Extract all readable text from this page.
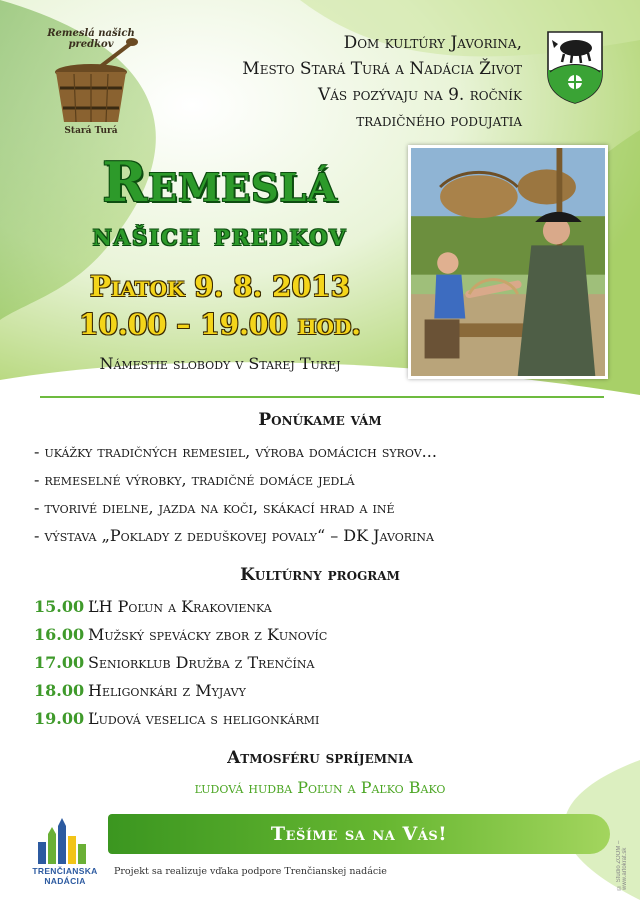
Remeslá našich predkov
Stará Turá
Dom kultúry Javorina,
Mesto Stará Turá a Nadácia Život
Vás pozývaju na 9. ročník
tradičného podujatia
Remeslá
našich predkov
Piatok 9. 8. 2013
10.00 – 19.00 hod.
Námestie slobody v Starej Turej
Ponúkame vám
- ukážky tradičných remesiel, výroba domácich syrov...
- remeselné výrobky, tradičné domáce jedlá
- tvorivé dielne, jazda na koči, skákací hrad a iné
- výstava „Poklady z deduškovej povaly“ – DK Javorina
Kultúrny program
15.00 ĽH Poľun a Krakovienka
16.00 Mužský spevácky zbor z Kunovíc
17.00 Seniorklub Družba z Trenčína
18.00 Heligonkári z Myjavy
19.00 Ľudová veselica s heligonkármi
Atmosféru spríjemnia
ľudová hudba Poľun a Paľko Bako
TRENČIANSKA
NADÁCIA
Tešíme sa na Vás!
Projekt sa realizuje vďaka podpore Trenčianskej nadácie	© Studio ZOOM – www.artokrat.sk
